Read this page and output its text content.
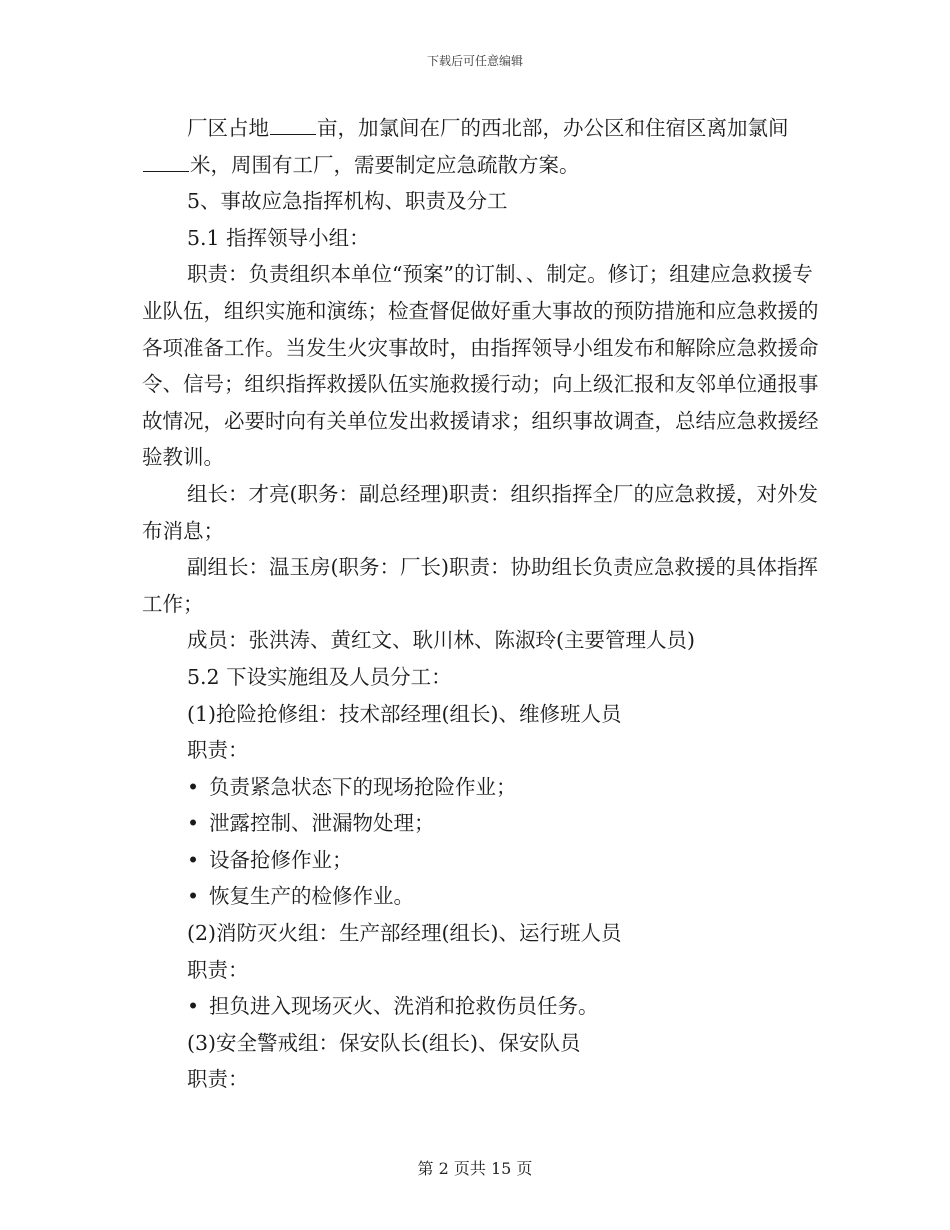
下载后可任意编辑

厂区占地 亩，加氯间在厂的西北部，办公区和住宿区离加氯间米，周围有工厂，需要制定应急疏散方案。

5、事故应急指挥机构、职责及分工

5.1 指挥领导小组：

职责：负责组织本单位“预案”的订制、、制定。修订；组建应急救援专业队伍，组织实施和演练；检查督促做好重大事故的预防措施和应急救援的各项准备工作。当发生火灾事故时，由指挥领导小组发布和解除应急救援命令、信号；组织指挥救援队伍实施救援行动；向上级汇报和友邻单位通报事故情况，必要时向有关单位发出救援请求；组织事故调查，总结应急救援经验教训。

组长：才亮(职务：副总经理)职责：组织指挥全厂的应急救援，对外发布消息；

副组长：温玉房(职务：厂长)职责：协助组长负责应急救援的具体指挥工作；

成员：张洪涛、黄红文、耿川林、陈淑玲(主要管理人员)

5.2 下设实施组及人员分工：

(1)抢险抢修组：技术部经理(组长)、维修班人员

职责：

• 负责紧急状态下的现场抢险作业；

• 泄露控制、泄漏物处理；

• 设备抢修作业；

• 恢复生产的检修作业。

(2)消防灭火组：生产部经理(组长)、运行班人员

职责：

• 担负进入现场灭火、洗消和抢救伤员任务。

(3)安全警戒组：保安队长(组长)、保安队员

职责：

第 2 页共 15 页
